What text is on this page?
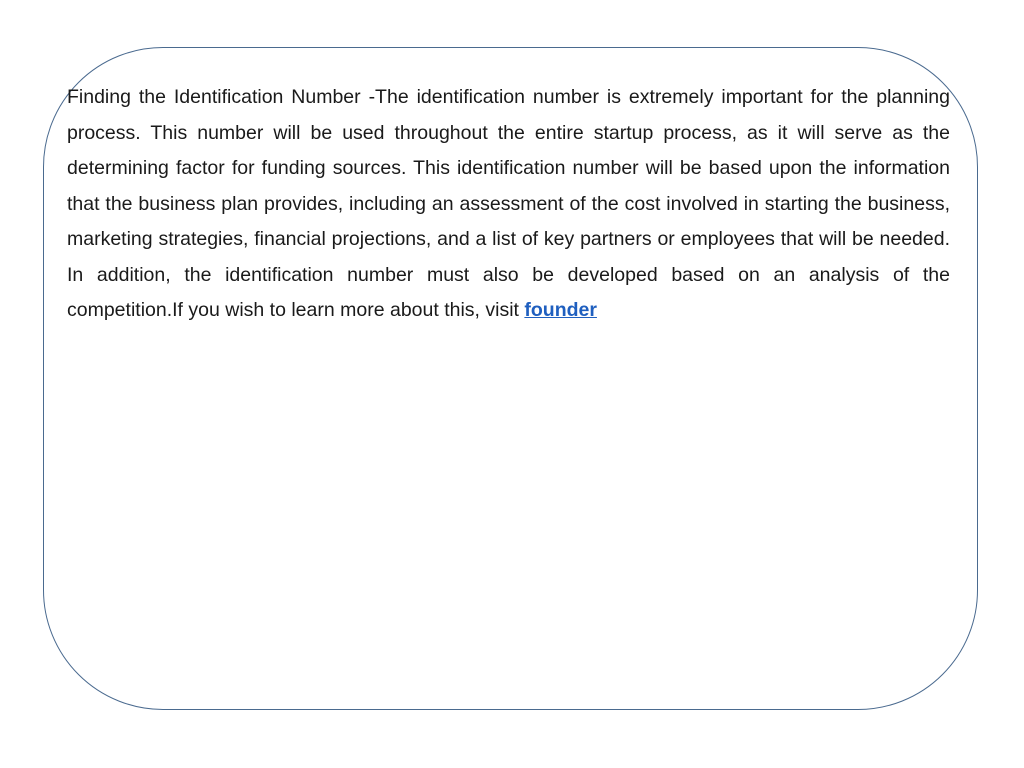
Finding the Identification Number -The identification number is extremely important for the planning process. This number will be used throughout the entire startup process, as it will serve as the determining factor for funding sources. This identification number will be based upon the information that the business plan provides, including an assessment of the cost involved in starting the business, marketing strategies, financial projections, and a list of key partners or employees that will be needed. In addition, the identification number must also be developed based on an analysis of the competition.If you wish to learn more about this, visit founder
